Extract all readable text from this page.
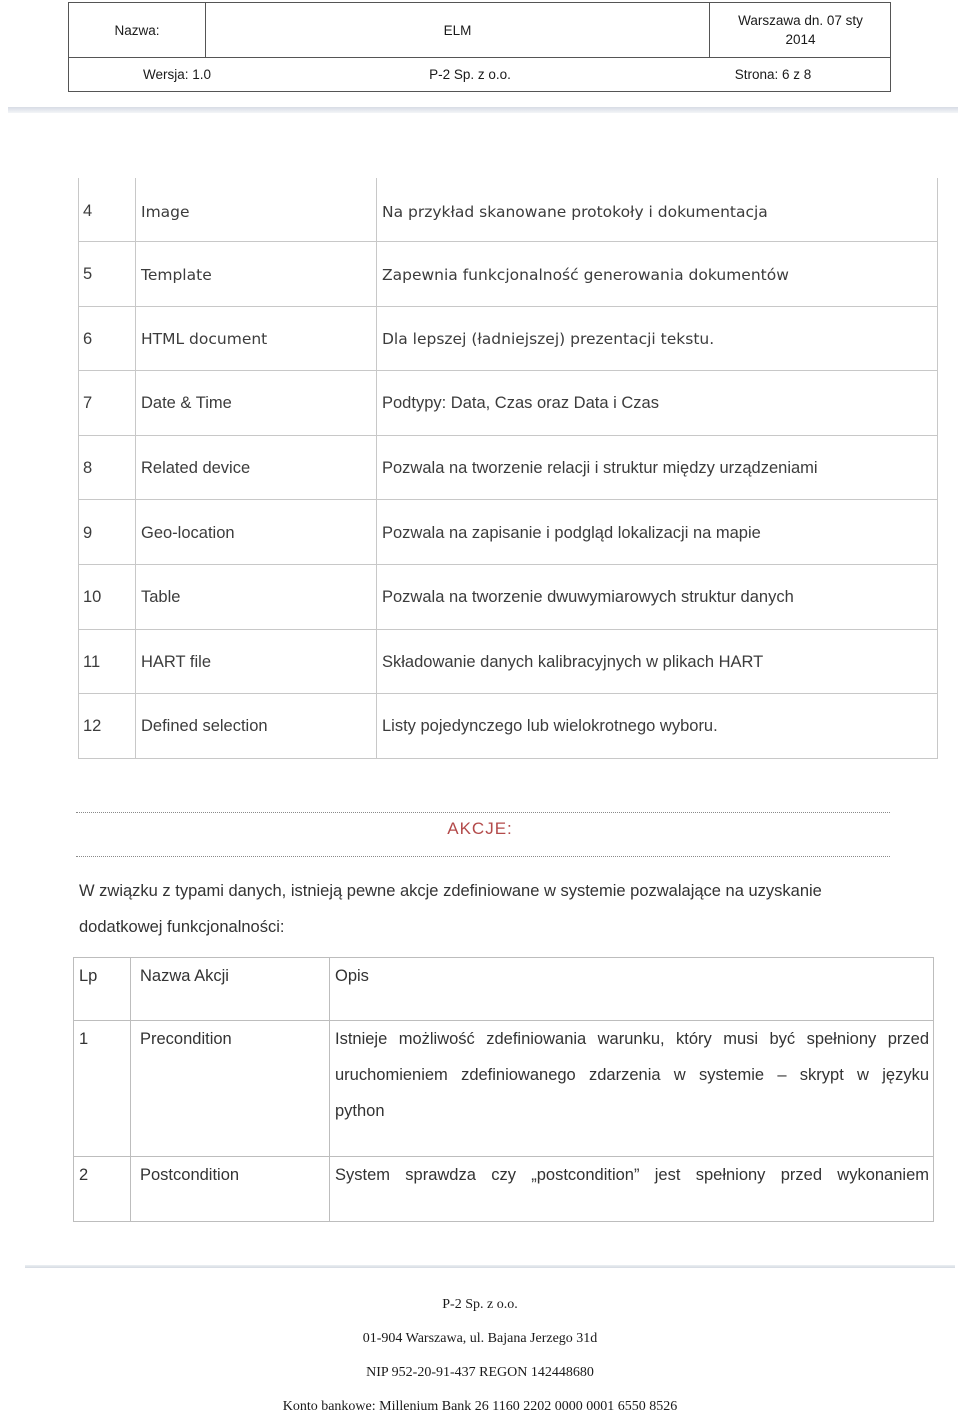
Nazwa:	ELM
Warszawa dn. 07 sty
2014
Wersja: 1.0	P-2 Sp. z o.o.	Strona: 6 z 8
4	Image	Na przykład skanowane protokoły i dokumentacja
5	Template	Zapewnia funkcjonalność generowania dokumentów
6	HTML document	Dla lepszej (ładniejszej) prezentacji tekstu.
7	Date & Time	Podtypy: Data, Czas oraz Data i Czas
8	Related device	Pozwala na tworzenie relacji i struktur między urządzeniami
9	Geo-location	Pozwala na zapisanie i podgląd lokalizacji na mapie
10	Table	Pozwala na tworzenie dwuwymiarowych struktur danych
11	HART file	Składowanie danych kalibracyjnych w plikach HART
12	Defined selection	Listy pojedynczego lub wielokrotnego wyboru.
AKCJE:
W związku z typami danych, istnieją pewne akcje zdefiniowane w systemie pozwalające na uzyskanie
dodatkowej funkcjonalności:
Lp	Nazwa Akcji	Opis
1	Precondition	Istnieje możliwość zdefiniowania warunku, który musi być spełniony przed
uruchomieniem zdefiniowanego zdarzenia w systemie – skrypt w języku
python
2	Postcondition	System sprawdza czy „postcondition” jest spełniony przed wykonaniem
P-2 Sp. z o.o.
01-904 Warszawa, ul. Bajana Jerzego 31d
NIP 952-20-91-437 REGON 142448680
Konto bankowe: Millenium Bank 26 1160 2202 0000 0001 6550 8526
